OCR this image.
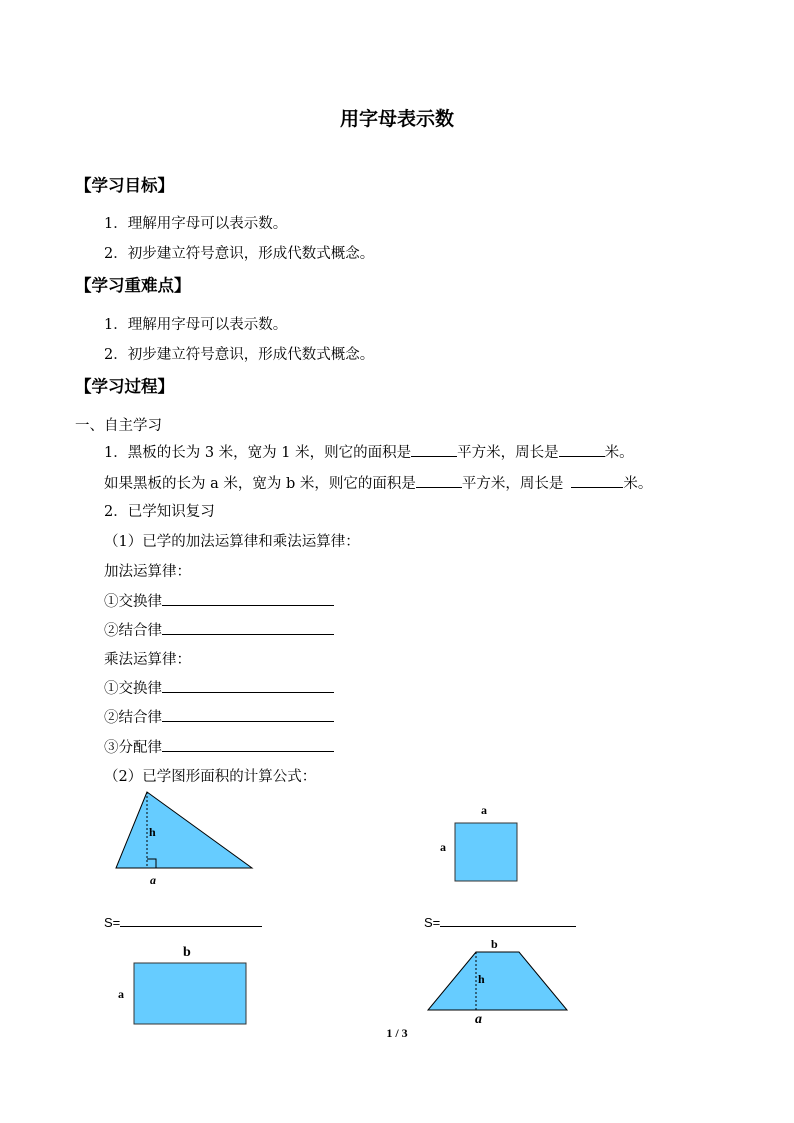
用字母表示数
【学习目标】
1．理解用字母可以表示数。
2．初步建立符号意识，形成代数式概念。
【学习重难点】
1．理解用字母可以表示数。
2．初步建立符号意识，形成代数式概念。
【学习过程】
一、自主学习
1．黑板的长为 3 米，宽为 1 米，则它的面积是	平方米，周长是	米。
如果黑板的长为 a 米，宽为 b 米，则它的面积是	平方米，周长是	米。
2．已学知识复习
（1）已学的加法运算律和乘法运算律：
加法运算律：
①交换律
②结合律
乘法运算律：
①交换律
②结合律
③分配律
（2）已学图形面积的计算公式：
h
a
a
a
S=	S=
b
a
b
h
a
1 / 3
